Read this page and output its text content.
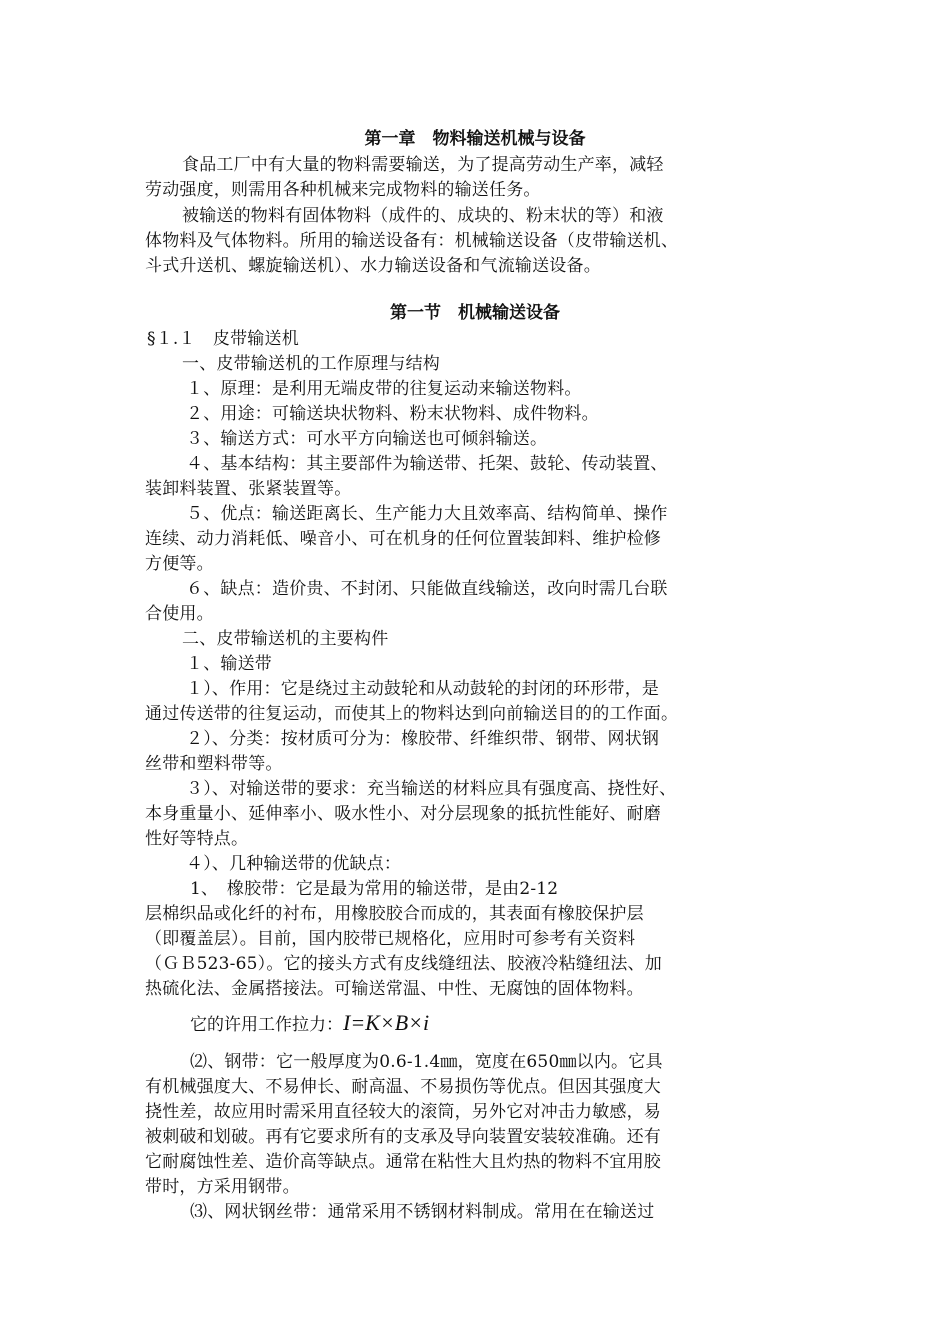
第一章　物料输送机械与设备
食品工厂中有大量的物料需要输送，为了提高劳动生产率，减轻
劳动强度，则需用各种机械来完成物料的输送任务。
被输送的物料有固体物料（成件的、成块的、粉末状的等）和液
体物料及气体物料。所用的输送设备有：机械输送设备（皮带输送机、
斗式升送机、螺旋输送机）、水力输送设备和气流输送设备。
第一节　机械输送设备
§１.１　皮带输送机
一、皮带输送机的工作原理与结构
１、原理：是利用无端皮带的往复运动来输送物料。
２、用途：可输送块状物料、粉末状物料、成件物料。
３、输送方式：可水平方向输送也可倾斜输送。
４、基本结构：其主要部件为输送带、托架、鼓轮、传动装置、
装卸料装置、张紧装置等。
５、优点：输送距离长、生产能力大且效率高、结构简单、操作
连续、动力消耗低、噪音小、可在机身的任何位置装卸料、维护检修
方便等。
６、缺点：造价贵、不封闭、只能做直线输送，改向时需几台联
合使用。
二、皮带输送机的主要构件
１、输送带
１）、作用：它是绕过主动鼓轮和从动鼓轮的封闭的环形带，是
通过传送带的往复运动，而使其上的物料达到向前输送目的的工作面。
２）、分类：按材质可分为：橡胶带、纤维织带、钢带、网状钢
丝带和塑料带等。
３）、对输送带的要求：充当输送的材料应具有强度高、挠性好、
本身重量小、延伸率小、吸水性小、对分层现象的抵抗性能好、耐磨
性好等特点。
４）、几种输送带的优缺点：
1、　橡胶带：它是最为常用的输送带，是由2-12
层棉织品或化纤的衬布，用橡胶胶合而成的，其表面有橡胶保护层
（即覆盖层）。目前，国内胶带已规格化，应用时可参考有关资料
（ＧＢ523-65）。它的接头方式有皮线缝纽法、胶液冷粘缝纽法、加
热硫化法、金属搭接法。可输送常温、中性、无腐蚀的固体物料。
它的许用工作拉力：I=K×B×i
⑵、钢带：它一般厚度为0.6-1.4㎜，宽度在650㎜以内。它具
有机械强度大、不易伸长、耐高温、不易损伤等优点。但因其强度大
挠性差，故应用时需采用直径较大的滚筒，另外它对冲击力敏感，易
被刺破和划破。再有它要求所有的支承及导向装置安装较准确。还有
它耐腐蚀性差、造价高等缺点。通常在粘性大且灼热的物料不宜用胶
带时，方采用钢带。
⑶、网状钢丝带：通常采用不锈钢材料制成。常用在在输送过
